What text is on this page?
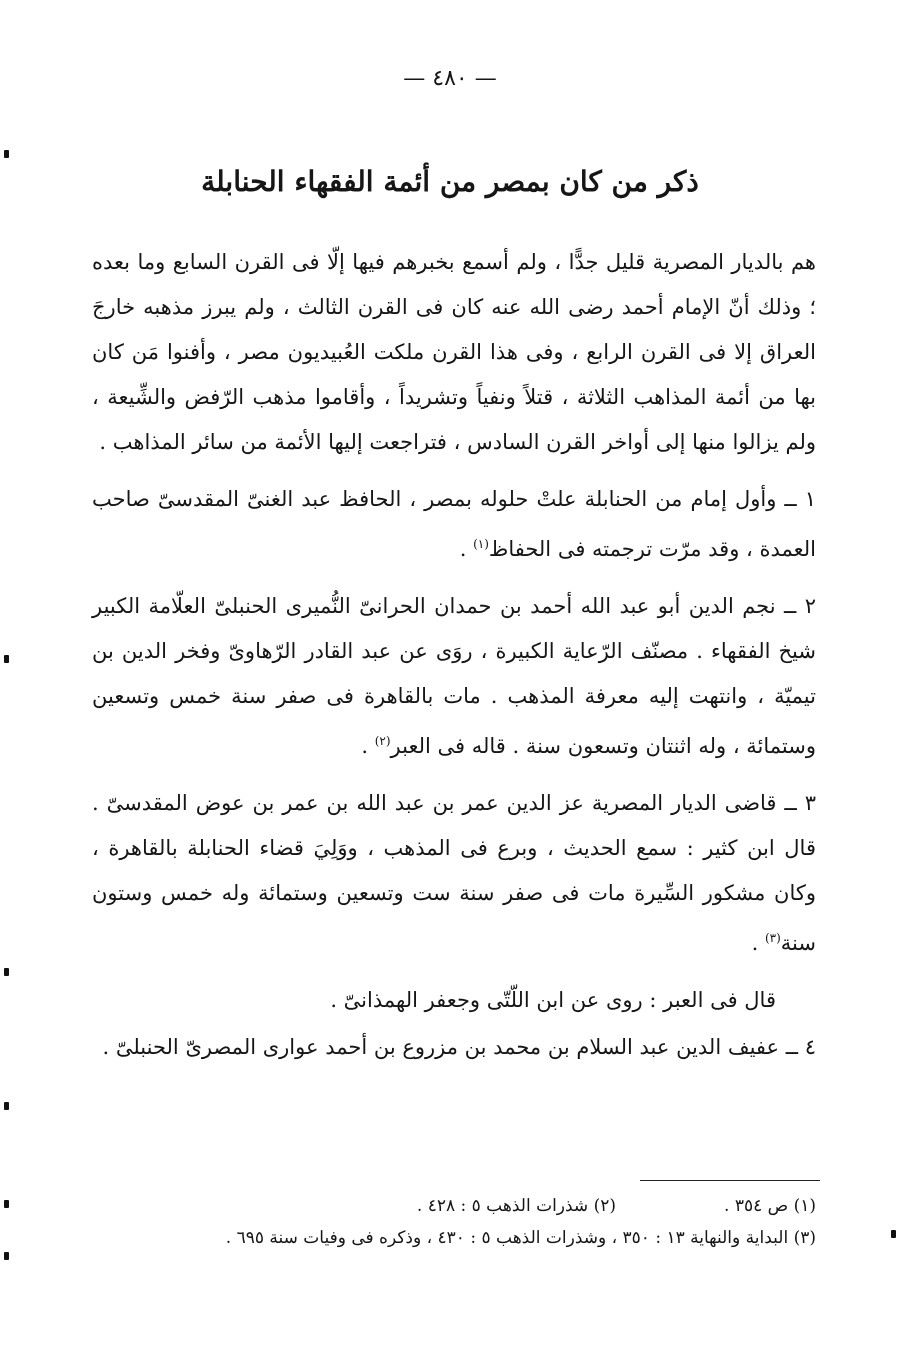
— ٤٨٠ —
ذكر من كان بمصر من أئمة الفقهاء الحنابلة

هم بالديار المصرية قليل جدًّا ، ولم أسمع بخبرهم فيها إلّا فى القرن السابع وما بعده ؛ وذلك أنّ الإمام أحمد رضى الله عنه كان فى القرن الثالث ، ولم يبرز مذهبه خارجَ العراق إلا فى القرن الرابع ، وفى هذا القرن ملكت العُبيديون مصر ، وأفنوا مَن كان بها من أئمة المذاهب الثلاثة ، قتلاً ونفياً وتشريداً ، وأقاموا مذهب الرّفض والشِّيعة ، ولم يزالوا منها إلى أواخر القرن السادس ، فتراجعت إليها الأئمة من سائر المذاهب .

١ ــ وأول إمام من الحنابلة علتْ حلوله بمصر ، الحافظ عبد الغنىّ المقدسىّ صاحب العمدة ، وقد مرّت ترجمته فى الحفاظ$^{(١)}$ .

٢ ــ نجم الدين أبو عبد الله أحمد بن حمدان الحرانىّ النُّميرى الحنبلىّ العلّامة الكبير شيخ الفقهاء . مصنّف الرّعاية الكبيرة ، روَى عن عبد القادر الرّهاوىّ وفخر الدين بن تيميّة ، وانتهت إليه معرفة المذهب . مات بالقاهرة فى صفر سنة خمس وتسعين وستمائة ، وله اثنتان وتسعون سنة . قاله فى العبر$^{(٢)}$ .

٣ ــ قاضى الديار المصرية عز الدين عمر بن عبد الله بن عمر بن عوض المقدسىّ . قال ابن كثير : سمع الحديث ، وبرع فى المذهب ، ووَلِيَ قضاء الحنابلة بالقاهرة ، وكان مشكور السِّيرة مات فى صفر سنة ست وتسعين وستمائة وله خمس وستون سنة$^{(٣)}$ .

قال فى العبر : روى عن ابن اللّتّى وجعفر الهمذانىّ .

٤ ــ عفيف الدين عبد السلام بن محمد بن مزروع بن أحمد عوارى المصرىّ الحنبلىّ .

(١) ص ٣٥٤ .
(٢) شذرات الذهب ٥ : ٤٢٨ .
(٣) البداية والنهاية ١٣ : ٣٥٠ ، وشذرات الذهب ٥ : ٤٣٠ ، وذكره فى وفيات سنة ٦٩٥ .
